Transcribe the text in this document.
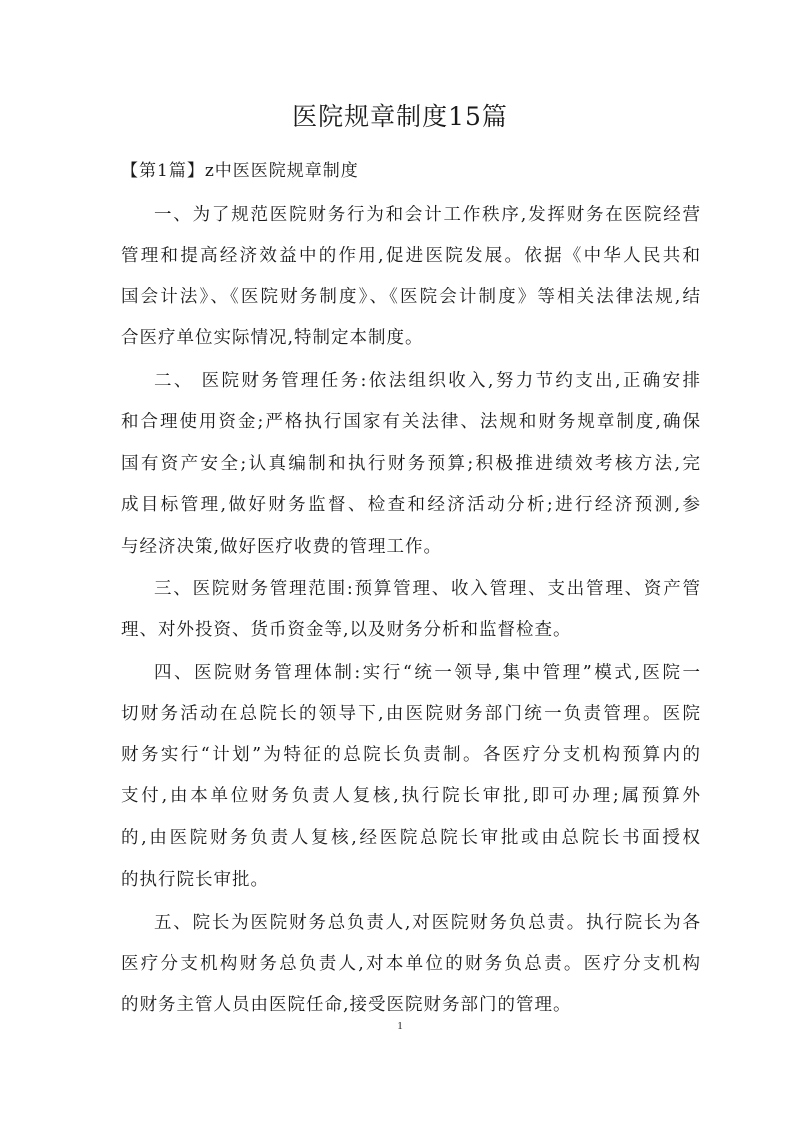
医院规章制度15篇
【第1篇】z中医医院规章制度
一、为了规范医院财务行为和会计工作秩序,发挥财务在医院经营
管理和提高经济效益中的作用,促进医院发展。依据《中华人民共和
国会计法》、《医院财务制度》、《医院会计制度》等相关法律法规,结
合医疗单位实际情况,特制定本制度。
二、 医院财务管理任务:依法组织收入,努力节约支出,正确安排
和合理使用资金;严格执行国家有关法律、法规和财务规章制度,确保
国有资产安全;认真编制和执行财务预算;积极推进绩效考核方法,完
成目标管理,做好财务监督、检查和经济活动分析;进行经济预测,参
与经济决策,做好医疗收费的管理工作。
三、医院财务管理范围:预算管理、收入管理、支出管理、资产管
理、对外投资、货币资金等,以及财务分析和监督检查。
四、医院财务管理体制:实行“统一领导,集中管理”模式,医院一
切财务活动在总院长的领导下,由医院财务部门统一负责管理。医院
财务实行“计划”为特征的总院长负责制。各医疗分支机构预算内的
支付,由本单位财务负责人复核,执行院长审批,即可办理;属预算外
的,由医院财务负责人复核,经医院总院长审批或由总院长书面授权
的执行院长审批。
五、院长为医院财务总负责人,对医院财务负总责。执行院长为各
医疗分支机构财务总负责人,对本单位的财务负总责。医疗分支机构
的财务主管人员由医院任命,接受医院财务部门的管理。
1
